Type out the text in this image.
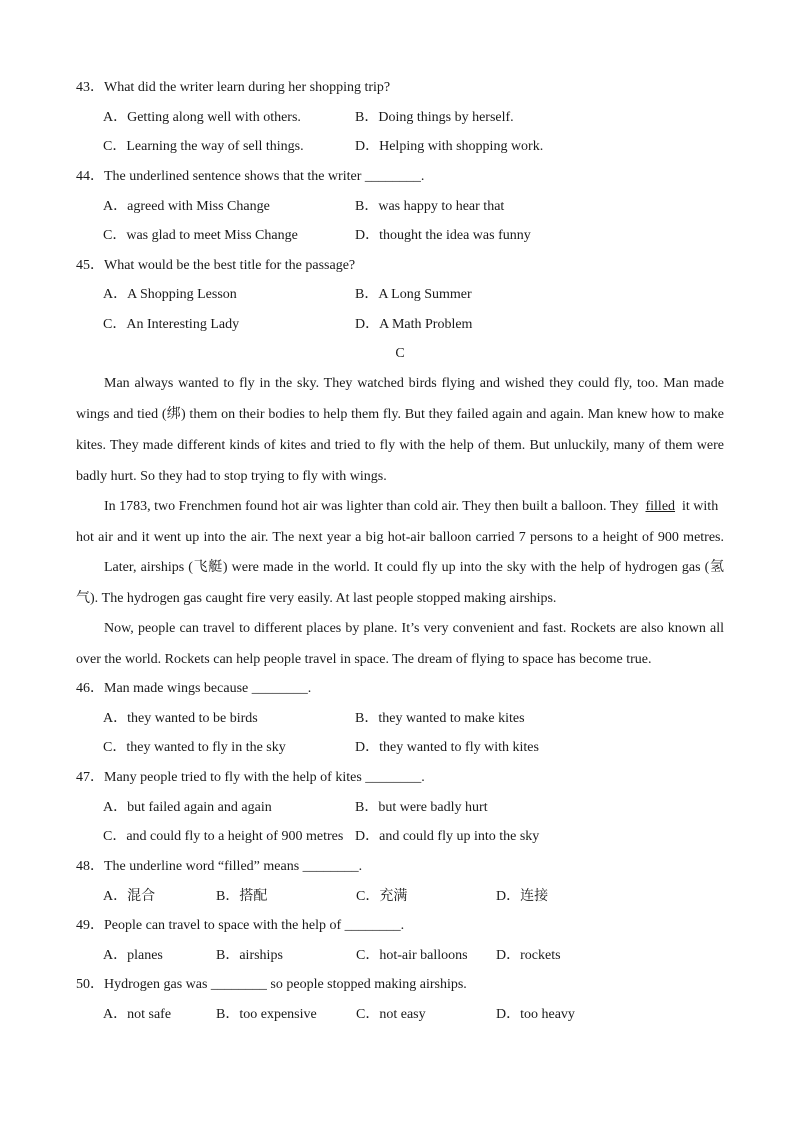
43．What did the writer learn during her shopping trip?
A．Getting along well with others.	B．Doing things by herself.
C．Learning the way of sell things.	D．Helping with shopping work.
44．The underlined sentence shows that the writer ________.
A．agreed with Miss Change	B．was happy to hear that
C．was glad to meet Miss Change	D．thought the idea was funny
45．What would be the best title for the passage?
A．A Shopping Lesson	B．A Long Summer
C．An Interesting Lady	D．A Math Problem
C
Man always wanted to fly in the sky. They watched birds flying and wished they could fly, too. Man made
wings and tied (绑) them on their bodies to help them fly. But they failed again and again. Man knew how to make
kites. They made different kinds of kites and tried to fly with the help of them. But unluckily, many of them were
badly hurt. So they had to stop trying to fly with wings.
In 1783, two Frenchmen found hot air was lighter than cold air. They then built a balloon. They filled it with
hot air and it went up into the air. The next year a big hot-air balloon carried 7 persons to a height of 900 metres.
Later, airships (飞艇) were made in the world. It could fly up into the sky with the help of hydrogen gas (氢
气). The hydrogen gas caught fire very easily. At last people stopped making airships.
Now, people can travel to different places by plane. It’s very convenient and fast. Rockets are also known all
over the world. Rockets can help people travel in space. The dream of flying to space has become true.
46．Man made wings because ________.
A．they wanted to be birds	B．they wanted to make kites
C．they wanted to fly in the sky	D．they wanted to fly with kites
47．Many people tried to fly with the help of kites ________.
A．but failed again and again	B．but were badly hurt
C．and could fly to a height of 900 metres D．and could fly up into the sky
48．The underline word “filled” means ________.
A．混合	B．搭配	C．充满	D．连接
49．People can travel to space with the help of ________.
A．planes	B．airships	C．hot-air balloons D．rockets
50．Hydrogen gas was ________ so people stopped making airships.
A．not safe	B．too expensive	C．not easy	D．too heavy
